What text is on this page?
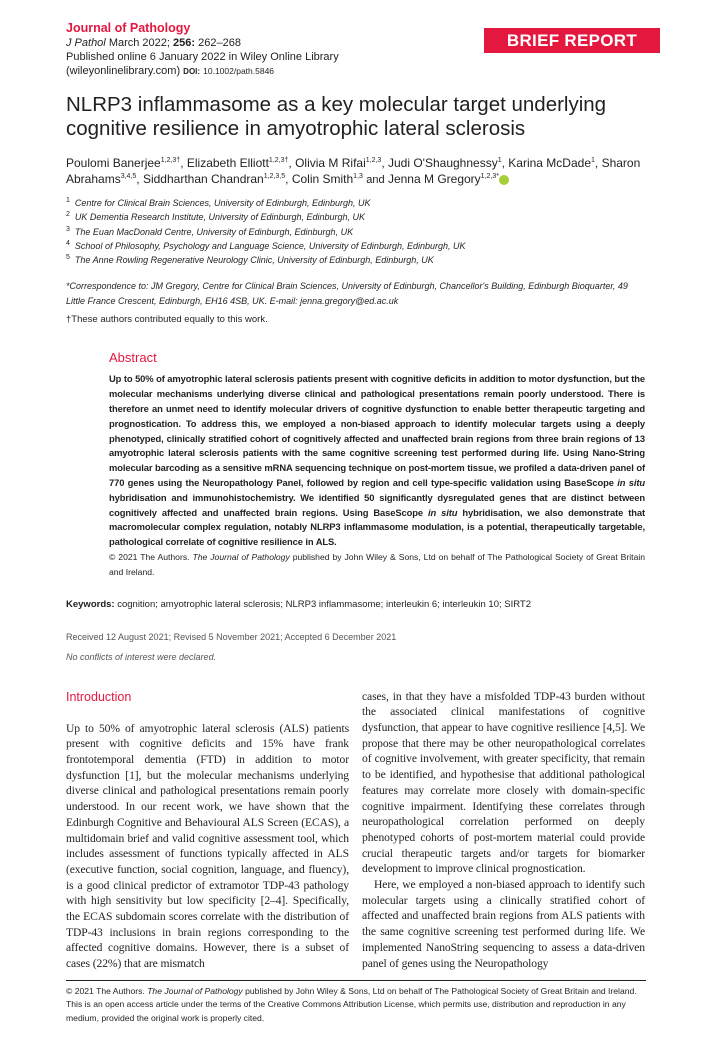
BRIEF REPORT
Journal of Pathology
J Pathol March 2022; 256: 262–268
Published online 6 January 2022 in Wiley Online Library
(wileyonlinelibrary.com) DOI: 10.1002/path.5846
NLRP3 inflammasome as a key molecular target underlying cognitive resilience in amyotrophic lateral sclerosis
Poulomi Banerjee$^{1,2,3\dagger}$, Elizabeth Elliott$^{1,2,3\dagger}$, Olivia M Rifai$^{1,2,3}$, Judi O'Shaughnessy$^1$, Karina McDade$^1$, Sharon Abrahams$^{3,4,5}$, Siddharthan Chandran$^{1,2,3,5}$, Colin Smith$^{1,3}$ and Jenna M Gregory$^{1,2,3*}$
$^1$ Centre for Clinical Brain Sciences, University of Edinburgh, Edinburgh, UK
$^2$ UK Dementia Research Institute, University of Edinburgh, Edinburgh, UK
$^3$ The Euan MacDonald Centre, University of Edinburgh, Edinburgh, UK
$^4$ School of Philosophy, Psychology and Language Science, University of Edinburgh, Edinburgh, UK
$^5$ The Anne Rowling Regenerative Neurology Clinic, University of Edinburgh, Edinburgh, UK
*Correspondence to: JM Gregory, Centre for Clinical Brain Sciences, University of Edinburgh, Chancellor's Building, Edinburgh Bioquarter, 49 Little France Crescent, Edinburgh, EH16 4SB, UK. E-mail: jenna.gregory@ed.ac.uk
†These authors contributed equally to this work.
Abstract
Up to 50% of amyotrophic lateral sclerosis patients present with cognitive deficits in addition to motor dysfunction, but the molecular mechanisms underlying diverse clinical and pathological presentations remain poorly understood. There is therefore an unmet need to identify molecular drivers of cognitive dysfunction to enable better therapeutic targeting and prognostication. To address this, we employed a non-biased approach to identify molecular targets using a deeply phenotyped, clinically stratified cohort of cognitively affected and unaffected brain regions from three brain regions of 13 amyotrophic lateral sclerosis patients with the same cognitive screening test performed during life. Using Nano-String molecular barcoding as a sensitive mRNA sequencing technique on post-mortem tissue, we profiled a data-driven panel of 770 genes using the Neuropathology Panel, followed by region and cell type-specific validation using BaseScope in situ hybridisation and immunohistochemistry. We identified 50 significantly dysregulated genes that are distinct between cognitively affected and unaffected brain regions. Using BaseScope in situ hybridisation, we also demonstrate that macromolecular complex regulation, notably NLRP3 inflammasome modulation, is a potential, therapeutically targetable, pathological correlate of cognitive resilience in ALS.
© 2021 The Authors. The Journal of Pathology published by John Wiley & Sons, Ltd on behalf of The Pathological Society of Great Britain and Ireland.
Keywords: cognition; amyotrophic lateral sclerosis; NLRP3 inflammasome; interleukin 6; interleukin 10; SIRT2
Received 12 August 2021; Revised 5 November 2021; Accepted 6 December 2021
No conflicts of interest were declared.
Introduction

Up to 50% of amyotrophic lateral sclerosis (ALS) patients present with cognitive deficits and 15% have frank frontotemporal dementia (FTD) in addition to motor dysfunction [1], but the molecular mechanisms underlying diverse clinical and pathological presentations remain poorly understood. In our recent work, we have shown that the Edinburgh Cognitive and Behavioural ALS Screen (ECAS), a multidomain brief and valid cognitive assessment tool, which includes assessment of functions typically affected in ALS (executive function, social cognition, language, and fluency), is a good clinical predictor of extramotor TDP-43 pathology with high sensitivity but low specificity [2–4]. Specifically, the ECAS subdomain scores correlate with the distribution of TDP-43 inclusions in brain regions corresponding to the affected cognitive domains. However, there is a subset of cases (22%) that are mismatch

cases, in that they have a misfolded TDP-43 burden without the associated clinical manifestations of cognitive dysfunction, that appear to have cognitive resilience [4,5]. We propose that there may be other neuropathological correlates of cognitive involvement, with greater specificity, that remain to be identified, and hypothesise that additional pathological features may correlate more closely with domain-specific cognitive impairment. Identifying these correlates through neuropathological correlation performed on deeply phenotyped cohorts of post-mortem material could provide crucial therapeutic targets and/or targets for biomarker development to improve clinical prognostication.

Here, we employed a non-biased approach to identify such molecular targets using a clinically stratified cohort of affected and unaffected brain regions from ALS patients with the same cognitive screening test performed during life. We implemented NanoString sequencing to assess a data-driven panel of genes using the Neuropathology

© 2021 The Authors. The Journal of Pathology published by John Wiley & Sons, Ltd on behalf of The Pathological Society of Great Britain and Ireland. This is an open access article under the terms of the Creative Commons Attribution License, which permits use, distribution and reproduction in any medium, provided the original work is properly cited.
